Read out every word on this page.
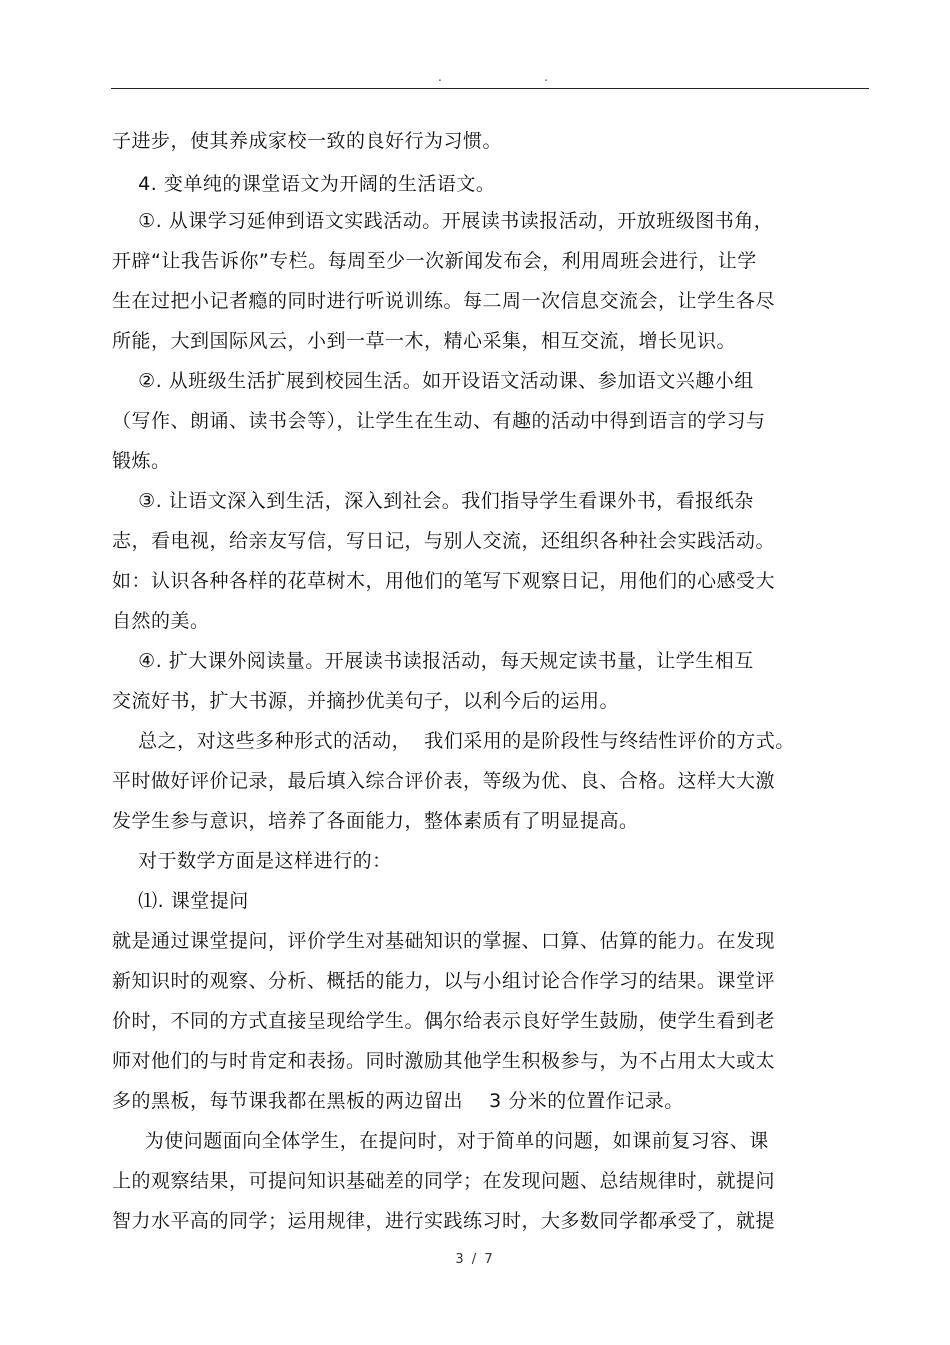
.	.
子进步，使其养成家校一致的良好行为习惯。
4. 变单纯的课堂语文为开阔的生活语文。
①. 从课学习延伸到语文实践活动。开展读书读报活动，开放班级图书角，
开辟“让我告诉你”专栏。每周至少一次新闻发布会，利用周班会进行，让学
生在过把小记者瘾的同时进行听说训练。每二周一次信息交流会，让学生各尽
所能，大到国际风云，小到一草一木，精心采集，相互交流，增长见识。
②. 从班级生活扩展到校园生活。如开设语文活动课、参加语文兴趣小组
（写作、朗诵、读书会等），让学生在生动、有趣的活动中得到语言的学习与
锻炼。
③. 让语文深入到生活，深入到社会。我们指导学生看课外书，看报纸杂
志，看电视，给亲友写信，写日记，与别人交流，还组织各种社会实践活动。
如：认识各种各样的花草树木，用他们的笔写下观察日记，用他们的心感受大
自然的美。
④. 扩大课外阅读量。开展读书读报活动，每天规定读书量，让学生相互
交流好书，扩大书源，并摘抄优美句子，以利今后的运用。
总之，对这些多种形式的活动，  我们采用的是阶段性与终结性评价的方式。
平时做好评价记录，最后填入综合评价表，等级为优、良、合格。这样大大激
发学生参与意识，培养了各面能力，整体素质有了明显提高。
对于数学方面是这样进行的：
⑴. 课堂提问
就是通过课堂提问，评价学生对基础知识的掌握、口算、估算的能力。在发现
新知识时的观察、分析、概括的能力，以与小组讨论合作学习的结果。课堂评
价时，不同的方式直接呈现给学生。偶尔给表示良好学生鼓励，使学生看到老
师对他们的与时肯定和表扬。同时激励其他学生积极参与，为不占用太大或太
多的黑板，每节课我都在黑板的两边留出    3 分米的位置作记录。
为使问题面向全体学生，在提问时，对于简单的问题，如课前复习容、课
上的观察结果，可提问知识基础差的同学；在发现问题、总结规律时，就提问
智力水平高的同学；运用规律，进行实践练习时，大多数同学都承受了，就提
3 / 7
